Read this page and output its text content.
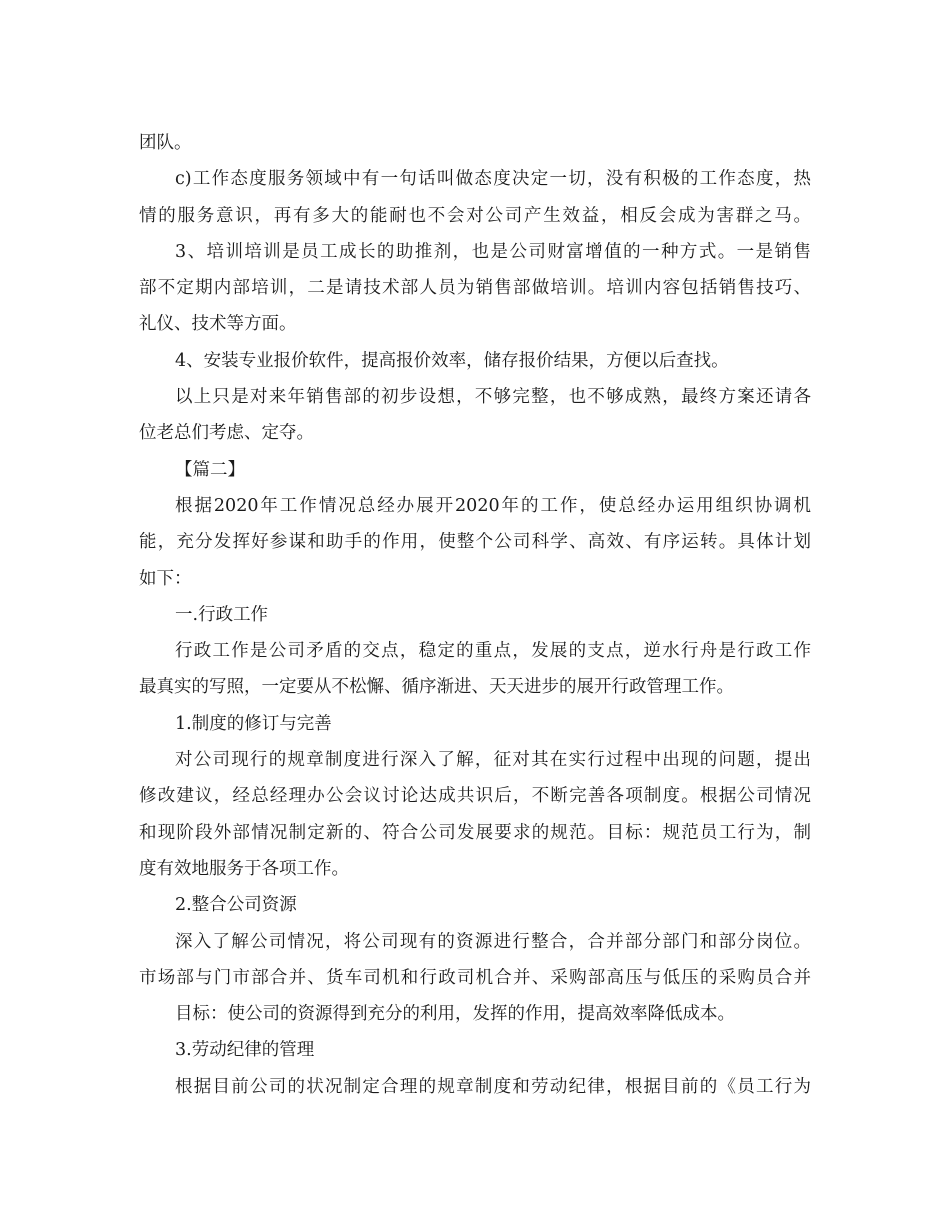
团队。
c)工作态度服务领域中有一句话叫做态度决定一切，没有积极的工作态度，热
情的服务意识，再有多大的能耐也不会对公司产生效益，相反会成为害群之马。
3、培训培训是员工成长的助推剂，也是公司财富增值的一种方式。一是销售
部不定期内部培训，二是请技术部人员为销售部做培训。培训内容包括销售技巧、
礼仪、技术等方面。
4、安装专业报价软件，提高报价效率，储存报价结果，方便以后查找。
以上只是对来年销售部的初步设想，不够完整，也不够成熟，最终方案还请各
位老总们考虑、定夺。
【篇二】
根据2020年工作情况总经办展开2020年的工作，使总经办运用组织协调机
能，充分发挥好参谋和助手的作用，使整个公司科学、高效、有序运转。具体计划
如下：
一.行政工作
行政工作是公司矛盾的交点，稳定的重点，发展的支点，逆水行舟是行政工作
最真实的写照，一定要从不松懈、循序渐进、天天进步的展开行政管理工作。
1.制度的修订与完善
对公司现行的规章制度进行深入了解，征对其在实行过程中出现的问题，提出
修改建议，经总经理办公会议讨论达成共识后，不断完善各项制度。根据公司情况
和现阶段外部情况制定新的、符合公司发展要求的规范。目标：规范员工行为，制
度有效地服务于各项工作。
2.整合公司资源
深入了解公司情况，将公司现有的资源进行整合，合并部分部门和部分岗位。
市场部与门市部合并、货车司机和行政司机合并、采购部高压与低压的采购员合并
目标：使公司的资源得到充分的利用，发挥的作用，提高效率降低成本。
3.劳动纪律的管理
根据目前公司的状况制定合理的规章制度和劳动纪律，根据目前的《员工行为
